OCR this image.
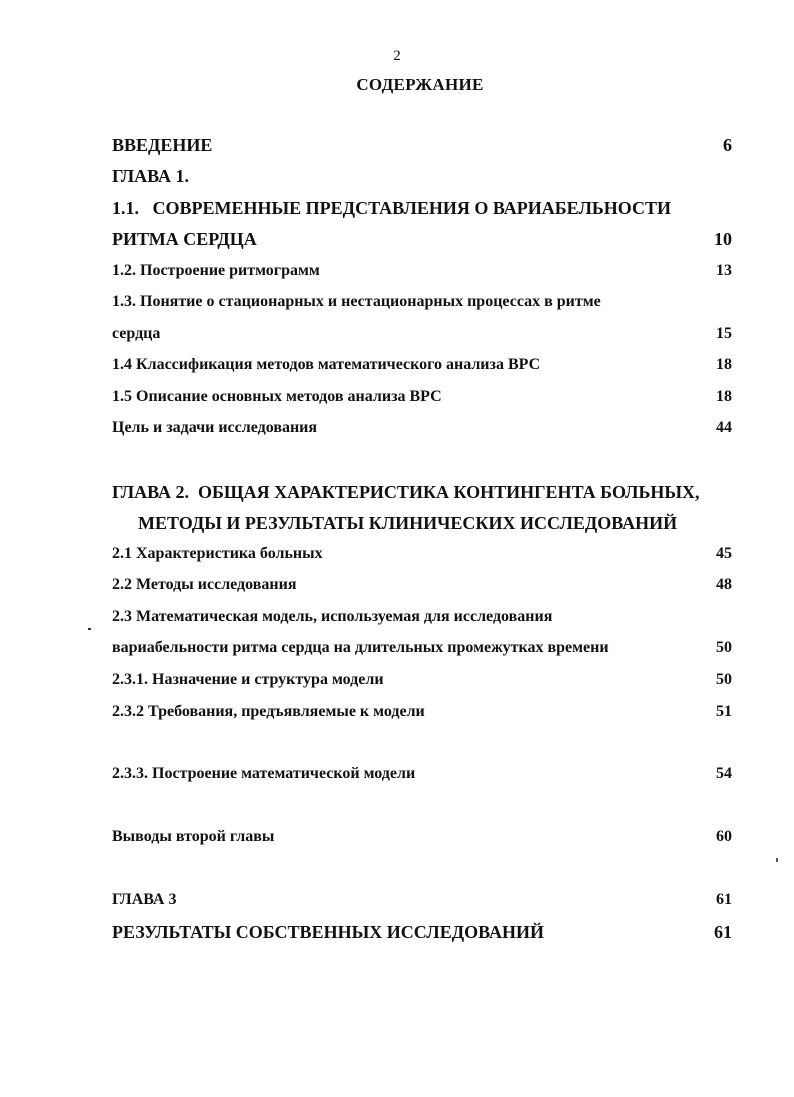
2
СОДЕРЖАНИЕ
ВВЕДЕНИЕ	6
ГЛАВА 1.

1.1.   СОВРЕМЕННЫЕ ПРЕДСТАВЛЕНИЯ О ВАРИАБЕЛЬНОСТИ

РИТМА СЕРДЦА	10
1.2. Построение ритмограмм	13
1.3. Понятие о стационарных и нестационарных процессах в ритме
сердца	15
1.4 Классификация методов математического анализа ВРС	18
1.5 Описание основных методов анализа ВРС	18
Цель и задачи исследования	44

ГЛАВА 2.  ОБЩАЯ ХАРАКТЕРИСТИКА КОНТИНГЕНТА БОЛЬНЫХ,

МЕТОДЫ И РЕЗУЛЬТАТЫ КЛИНИЧЕСКИХ ИССЛЕДОВАНИЙ
2.1 Характеристика больных	45
2.2 Методы исследования	48
2.3 Математическая модель, используемая для исследования
вариабельности ритма сердца на длительных промежутках времени	50
2.3.1. Назначение и структура модели	50
2.3.2 Требования, предъявляемые к модели	51
2.3.3. Построение математической модели	54
Выводы второй главы	60
ГЛАВА 3	61
РЕЗУЛЬТАТЫ СОБСТВЕННЫХ ИССЛЕДОВАНИЙ	61
